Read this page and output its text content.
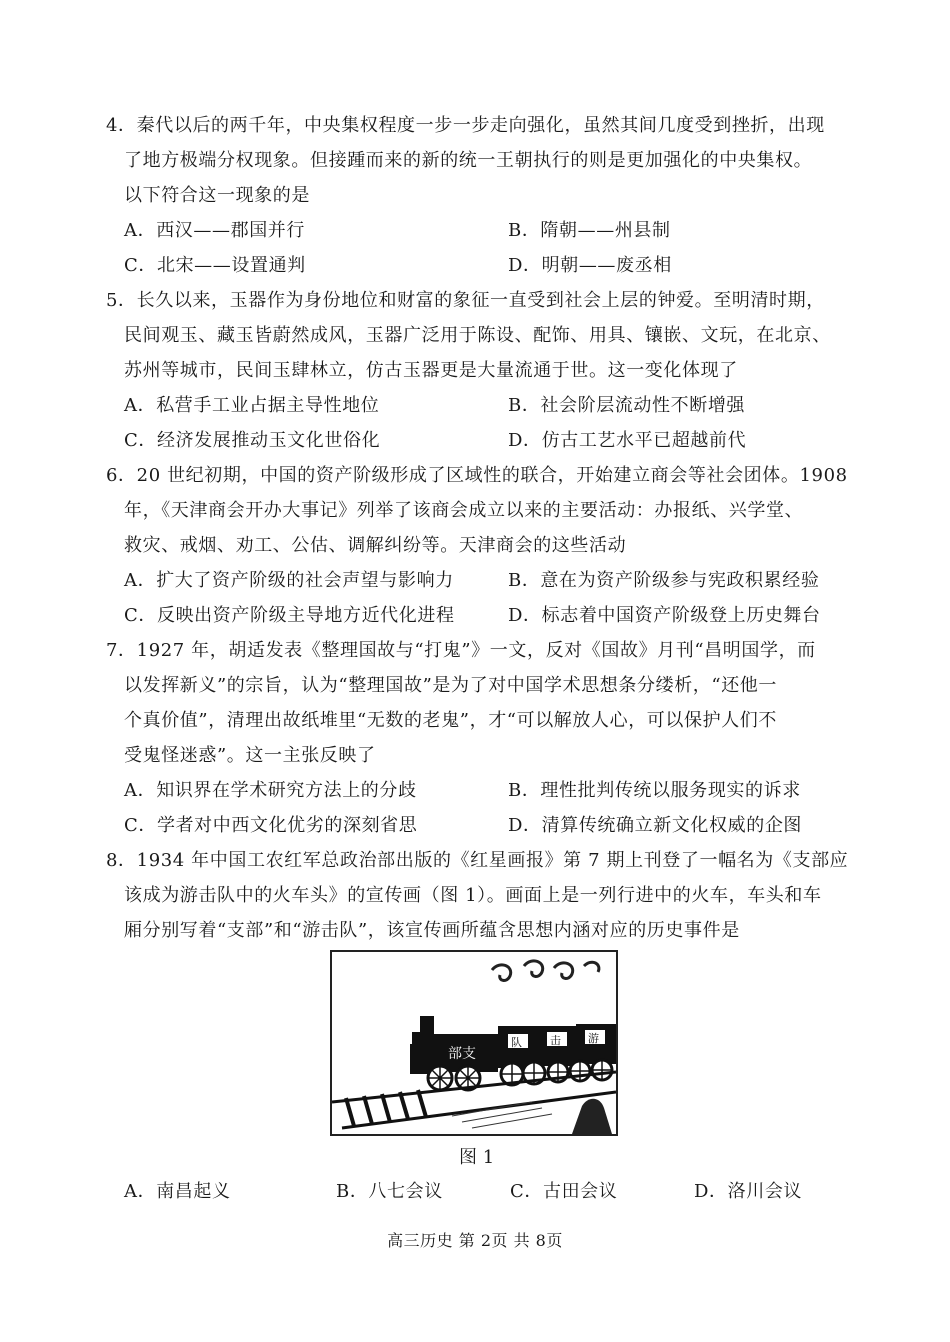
4．秦代以后的两千年，中央集权程度一步一步走向强化，虽然其间几度受到挫折，出现
了地方极端分权现象。但接踵而来的新的统一王朝执行的则是更加强化的中央集权。
以下符合这一现象的是
A．西汉——郡国并行	B．隋朝——州县制
C．北宋——设置通判	D．明朝——废丞相
5．长久以来，玉器作为身份地位和财富的象征一直受到社会上层的钟爱。至明清时期，
民间观玉、藏玉皆蔚然成风，玉器广泛用于陈设、配饰、用具、镶嵌、文玩，在北京、
苏州等城市，民间玉肆林立，仿古玉器更是大量流通于世。这一变化体现了
A．私营手工业占据主导性地位	B．社会阶层流动性不断增强
C．经济发展推动玉文化世俗化	D．仿古工艺水平已超越前代
6．20 世纪初期，中国的资产阶级形成了区域性的联合，开始建立商会等社会团体。1908
年，《天津商会开办大事记》列举了该商会成立以来的主要活动：办报纸、兴学堂、
救灾、戒烟、劝工、公估、调解纠纷等。天津商会的这些活动
A．扩大了资产阶级的社会声望与影响力	B．意在为资产阶级参与宪政积累经验
C．反映出资产阶级主导地方近代化进程	D．标志着中国资产阶级登上历史舞台
7．1927 年，胡适发表《整理国故与“打鬼”》一文，反对《国故》月刊“昌明国学，而
以发挥新义”的宗旨，认为“整理国故”是为了对中国学术思想条分缕析，“还他一
个真价值”，清理出故纸堆里“无数的老鬼”，才“可以解放人心，可以保护人们不
受鬼怪迷惑”。这一主张反映了
A．知识界在学术研究方法上的分歧	B．理性批判传统以服务现实的诉求
C．学者对中西文化优劣的深刻省思	D．清算传统确立新文化权威的企图
8．1934 年中国工农红军总政治部出版的《红星画报》第 7 期上刊登了一幅名为《支部应
该成为游击队中的火车头》的宣传画（图 1）。画面上是一列行进中的火车，车头和车
厢分别写着“支部”和“游击队”，该宣传画所蕴含思想内涵对应的历史事件是
部支
队	击 游
图 1
A．南昌起义	B．八七会议	C．古田会议	D．洛川会议
高三历史 第 2页 共 8页
